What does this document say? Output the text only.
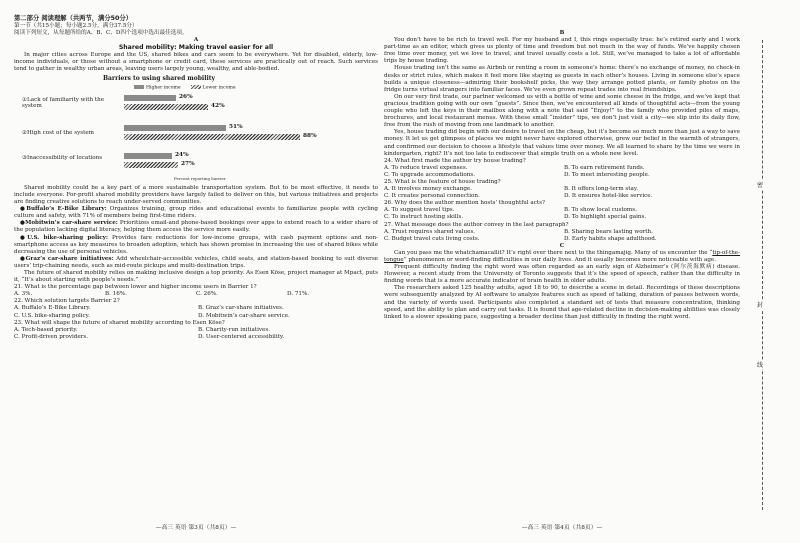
第二部分 阅读理解（共两节，满分50分）

第一节（共15小题；每小题2.5分，满分37.5分）

阅读下列短文，从每题所给的A、B、C、D四个选项中选出最佳选项。

A

Shared mobility: Making travel easier for all

In major cities across Europe and the US, shared bikes and cars seem to be everywhere. Yet for disabled, elderly, low-income individuals, or those without a smartphone or credit card, these services are practically out of reach. Such services tend to gather in wealthy urban areas, leaving users largely young, wealthy, and able-bodied.

Barriers to using shared mobility
Higher income	Lower income
①Lack of familiarity with the system
②High cost of the system
③Inaccessibility of locations
26%
42%
51%
88%
24%
27%
Percent reporting barrier

Shared mobility could be a key part of a more sustainable transportation system. But to be most effective, it needs to include everyone. For-profit shared mobility providers have largely failed to deliver on this, but various initiatives and projects are finding creative solutions to reach under-served communities.

●Buffalo’s E-Bike Library: Organizes training, group rides and educational events to familiarize people with cycling culture and safety, with 71% of members being first-time riders.

●Mobitwin’s car-share service: Prioritizes email-and phone-based bookings over apps to extend reach to a wider share of the population lacking digital literacy, helping them access the service more easily.

●U.S. bike-sharing policy: Provides fare reductions for low-income groups, with cash payment options and non-smartphone access as key measures to broaden adoption, which has shown promise in increasing the use of shared bikes while decreasing the use of personal vehicles.

●Graz’s car-share initiatives: Add wheelchair-accessible vehicles, child seats, and station-based booking to suit diverse users’ trip-chaining needs, such as mid-route pickups and multi-destination trips.

The future of shared mobility relies on making inclusive design a top priority. As Esen Köse, project manager at Mpact, puts it, “It’s about starting with people’s needs.”

21. What is the percentage gap between lower and higher income users in Barrier 1?

A. 3%.	B. 16%.	C. 26%.	D. 71%.

22. Which solution targets Barrier 2?

A. Buffalo’s E-Bike Library.	B. Graz’s car-share initiatives.
C. U.S. bike-sharing policy.	D. Mobitwin’s car-share service.

23. What will shape the future of shared mobility according to Esen Köse?

A. Tech-based priority.	B. Charity-run initiatives.
C. Profit-driven providers.	D. User-centered accessibility.
—高三 英语 第3页（共8页）—

B

You don’t have to be rich to travel well. For my husband and I, this rings especially true: he’s retired early and I work part-time as an editor, which gives us plenty of time and freedom but not much in the way of funds. We’ve happily chosen free time over money, yet we love to travel, and travel usually costs a lot. Still, we’ve managed to take a lot of affordable trips by house trading.

House trading isn’t the same as Airbnb or renting a room in someone’s home: there’s no exchange of money, no check-in desks or strict rules, which makes it feel more like staying as guests in each other’s houses. Living in someone else’s space builds a unique closeness—admiring their bookshelf picks, the way they arrange potted plants, or family photos on the fridge turns virtual strangers into familiar faces. We’ve even grown repeat trades into real friendships.

On our very first trade, our partner welcomed us with a bottle of wine and some cheese in the fridge, and we’ve kept that gracious tradition going with our own “guests”. Since then, we’ve encountered all kinds of thoughtful acts—from the young couple who left the keys in their mailbox along with a note that said “Enjoy!” to the family who provided piles of maps, brochures, and local restaurant menus. With these small “insider” tips, we don’t just visit a city—we slip into its daily flow, free from the rush of moving from one landmark to another.

Yes, house trading did begin with our desire to travel on the cheap, but it’s become so much more than just a way to save money. It let us get glimpses of places we might never have explored otherwise, grew our belief in the warmth of strangers, and confirmed our decision to choose a lifestyle that values time over money. We all learned to share by the time we were in kindergarten, right? It’s not too late to rediscover that simple truth on a whole new level.

24. What first made the author try house trading?

A. To reduce travel expenses.	B. To earn retirement funds.
C. To upgrade accommodations.	D. To meet interesting people.

25. What is the feature of house trading?

A. It involves money exchange.	B. It offers long-term stay.
C. It creates personal connection.	D. It ensures hotel-like service.

26. Why does the author mention hosts’ thoughtful acts?

A. To suggest travel tips.	B. To show local customs.
C. To instruct hosting skills.	D. To highlight special gains.

27. What message does the author convey in the last paragraph?

A. Trust requires shared values.	B. Sharing bears lasting worth.
C. Budget travel cuts living costs.	D. Early habits shape adulthood.

C

Can you pass me the whatchamacallit? It’s right over there next to the thingamajig. Many of us encounter the “tip-of-the-tongue” phenomenon or word-finding difficulties in our daily lives. And it usually becomes more noticeable with age.

Frequent difficulty finding the right word was often regarded as an early sign of Alzheimer’s (阿尔茨海默病) disease. However, a recent study from the University of Toronto suggests that it’s the speed of speech, rather than the difficulty in finding words that is a more accurate indicator of brain health in older adults.

The researchers asked 125 healthy adults, aged 18 to 90, to describe a scene in detail. Recordings of these descriptions were subsequently analyzed by AI software to analyze features such as speed of talking, duration of pauses between words, and the variety of words used. Participants also completed a standard set of tests that measure concentration, thinking speed, and the ability to plan and carry out tasks. It is found that age-related decline in decision-making abilities was closely linked to a slower speaking pace, suggesting a broader decline than just difficulty in finding the right word.

—高三 英语 第4页（共8页）—
密
封
线
